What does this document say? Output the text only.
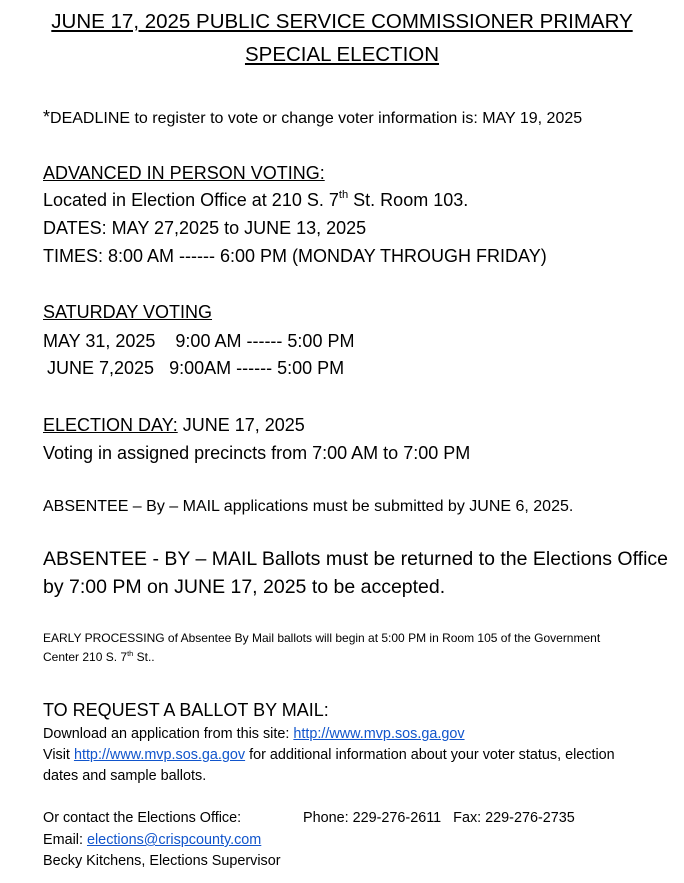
JUNE 17, 2025 PUBLIC SERVICE COMMISSIONER PRIMARY
SPECIAL ELECTION
*DEADLINE to register to vote or change voter information is: MAY 19, 2025
ADVANCED IN PERSON VOTING:
Located in Election Office at 210 S. 7th St. Room 103.
DATES: MAY 27,2025 to JUNE 13, 2025
TIMES: 8:00 AM ------ 6:00 PM (MONDAY THROUGH FRIDAY)
SATURDAY VOTING
MAY 31, 2025    9:00 AM ------ 5:00 PM
JUNE 7,2025   9:00AM ------ 5:00 PM
ELECTION DAY: JUNE 17, 2025
Voting in assigned precincts from 7:00 AM to 7:00 PM
ABSENTEE – By – MAIL applications must be submitted by JUNE 6, 2025.
ABSENTEE - BY – MAIL Ballots must be returned to the Elections Office
by 7:00 PM on JUNE 17, 2025 to be accepted.
EARLY PROCESSING of Absentee By Mail ballots will begin at 5:00 PM in Room 105 of the Government
Center 210 S. 7th St..
TO REQUEST A BALLOT BY MAIL:
Download an application from this site: http://www.mvp.sos.ga.gov
Visit http://www.mvp.sos.ga.gov for additional information about your voter status, election
dates and sample ballots.
Or contact the Elections Office:	Phone: 229-276-2611   Fax: 229-276-2735
Email: elections@crispcounty.com
Becky Kitchens, Elections Supervisor
